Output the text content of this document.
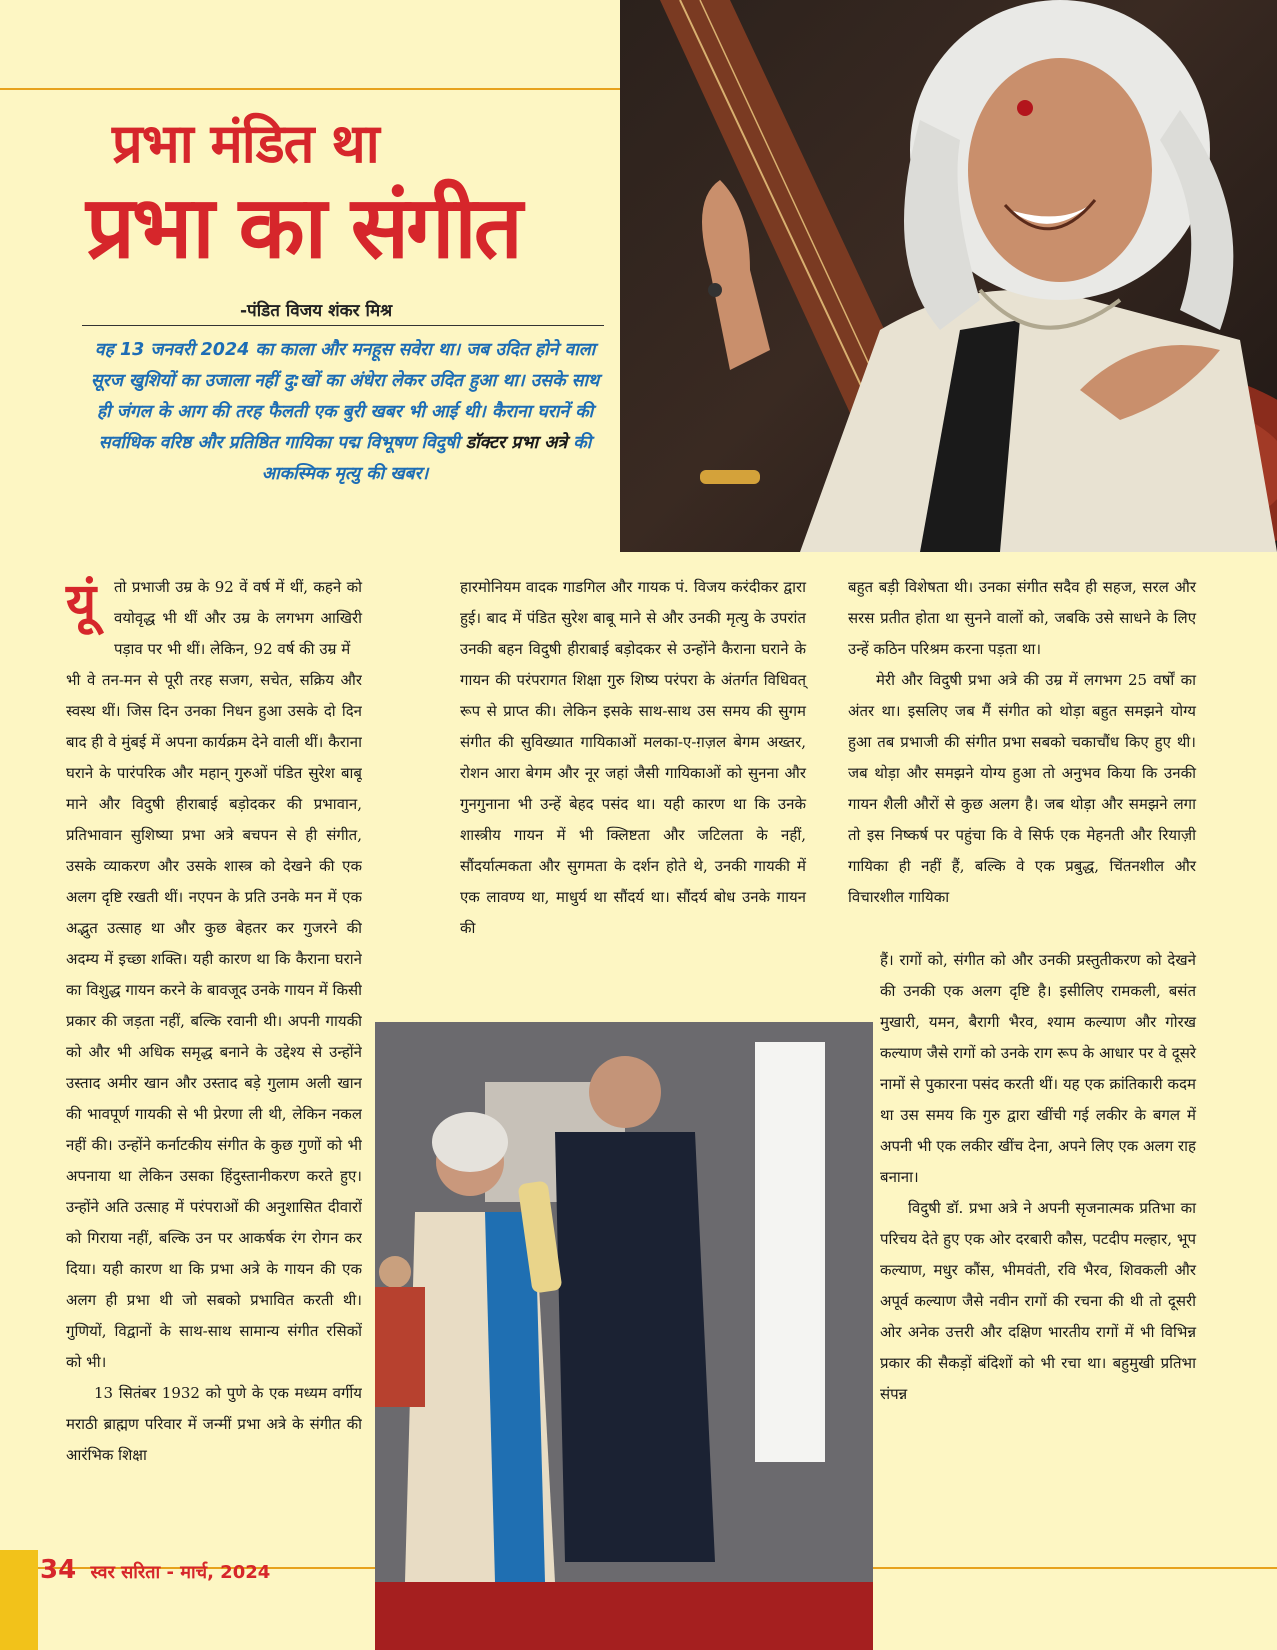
प्रभा मंडित था
प्रभा का संगीत
-पंडित विजय शंकर मिश्र
वह 13 जनवरी 2024 का काला और मनहूस सवेरा था। जब उदित होने वाला सूरज खुशियों का उजाला नहीं दु:खों का अंधेरा लेकर उदित हुआ था। उसके साथ ही जंगल के आग की तरह फैलती एक बुरी खबर भी आई थी। कैराना घरानें की सर्वाधिक वरिष्ठ और प्रतिष्ठित गायिका पद्म विभूषण विदुषी डॉक्टर प्रभा अत्रे की आकस्मिक मृत्यु की खबर।
यूं	तो प्रभाजी उम्र के 92 वें वर्ष में थीं, कहने को वयोवृद्ध भी थीं और उम्र के लगभग आखिरी पड़ाव पर भी थीं। लेकिन, 92 वर्ष की उम्र में

भी वे तन-मन से पूरी तरह सजग, सचेत, सक्रिय और स्वस्थ थीं। जिस दिन उनका निधन हुआ उसके दो दिन बाद ही वे मुंबई में अपना कार्यक्रम देने वाली थीं। कैराना घराने के पारंपरिक और महान् गुरुओं पंडित सुरेश बाबू माने और विदुषी हीराबाई बड़ोदकर की प्रभावान, प्रतिभावान सुशिष्या प्रभा अत्रे बचपन से ही संगीत, उसके व्याकरण और उसके शास्त्र को देखने की एक अलग दृष्टि रखती थीं। नएपन के प्रति उनके मन में एक अद्भुत उत्साह था और कुछ बेहतर कर गुजरने की अदम्य में इच्छा शक्ति। यही कारण था कि कैराना घराने का विशुद्ध गायन करने के बावजूद उनके गायन में किसी प्रकार की जड़ता नहीं, बल्कि रवानी थी। अपनी गायकी को और भी अधिक समृद्ध बनाने के उद्देश्य से उन्होंने उस्ताद अमीर खान और उस्ताद बड़े गुलाम अली खान की भावपूर्ण गायकी से भी प्रेरणा ली थी, लेकिन नकल नहीं की। उन्होंने कर्नाटकीय संगीत के कुछ गुणों को भी अपनाया था लेकिन उसका हिंदुस्तानीकरण करते हुए। उन्होंने अति उत्साह में परंपराओं की अनुशासित दीवारों को गिराया नहीं, बल्कि उन पर आकर्षक रंग रोगन कर दिया। यही कारण था कि प्रभा अत्रे के गायन की एक अलग ही प्रभा थी जो सबको प्रभावित करती थी। गुणियों, विद्वानों के साथ-साथ सामान्य संगीत रसिकों को भी।

13 सितंबर 1932 को पुणे के एक मध्यम वर्गीय मराठी ब्राह्मण परिवार में जन्मीं प्रभा अत्रे के संगीत की आरंभिक शिक्षा

हारमोनियम वादक गाडगिल और गायक पं. विजय करंदीकर द्वारा हुई। बाद में पंडित सुरेश बाबू माने से और उनकी मृत्यु के उपरांत उनकी बहन विदुषी हीराबाई बड़ोदकर से उन्होंने कैराना घराने के गायन की परंपरागत शिक्षा गुरु शिष्य परंपरा के अंतर्गत विधिवत् रूप से प्राप्त की। लेकिन इसके साथ-साथ उस समय की सुगम संगीत की सुविख्यात गायिकाओं मलका-ए-ग़ज़ल बेगम अख्तर, रोशन आरा बेगम और नूर जहां जैसी गायिकाओं को सुनना और गुनगुनाना भी उन्हें बेहद पसंद था। यही कारण था कि उनके शास्त्रीय गायन में भी क्लिष्टता और जटिलता के नहीं, सौंदर्यात्मकता और सुगमता के दर्शन होते थे, उनकी गायकी में एक लावण्य था, माधुर्य था सौंदर्य था। सौंदर्य बोध उनके गायन की

बहुत बड़ी विशेषता थी। उनका संगीत सदैव ही सहज, सरल और सरस प्रतीत होता था सुनने वालों को, जबकि उसे साधने के लिए उन्हें कठिन परिश्रम करना पड़ता था।

मेरी और विदुषी प्रभा अत्रे की उम्र में लगभग 25 वर्षों का अंतर था। इसलिए जब मैं संगीत को थोड़ा बहुत समझने योग्य हुआ तब प्रभाजी की संगीत प्रभा सबको चकाचौंध किए हुए थी। जब थोड़ा और समझने योग्य हुआ तो अनुभव किया कि उनकी गायन शैली औरों से कुछ अलग है। जब थोड़ा और समझने लगा तो इस निष्कर्ष पर पहुंचा कि वे सिर्फ एक मेहनती और रियाज़ी गायिका ही नहीं हैं, बल्कि वे एक प्रबुद्ध, चिंतनशील और विचारशील गायिका

हैं। रागों को, संगीत को और उनकी प्रस्तुतीकरण को देखने की उनकी एक अलग दृष्टि है। इसीलिए रामकली, बसंत मुखारी, यमन, बैरागी भैरव, श्याम कल्याण और गोरख कल्याण जैसे रागों को उनके राग रूप के आधार पर वे दूसरे नामों से पुकारना पसंद करती थीं। यह एक क्रांतिकारी कदम था उस समय कि गुरु द्वारा खींची गई लकीर के बगल में अपनी भी एक लकीर खींच देना, अपने लिए एक अलग राह बनाना।

विदुषी डॉ. प्रभा अत्रे ने अपनी सृजनात्मक प्रतिभा का परिचय देते हुए एक ओर दरबारी कौस, पटदीप मल्हार, भूप कल्याण, मधुर कौंस, भीमवंती, रवि भैरव, शिवकली और अपूर्व कल्याण जैसे नवीन रागों की रचना की थी तो दूसरी ओर अनेक उत्तरी और दक्षिण भारतीय रागों में भी विभिन्न प्रकार की सैकड़ों बंदिशों को भी रचा था। बहुमुखी प्रतिभा संपन्न

34 स्वर सरिता - मार्च, 2024
